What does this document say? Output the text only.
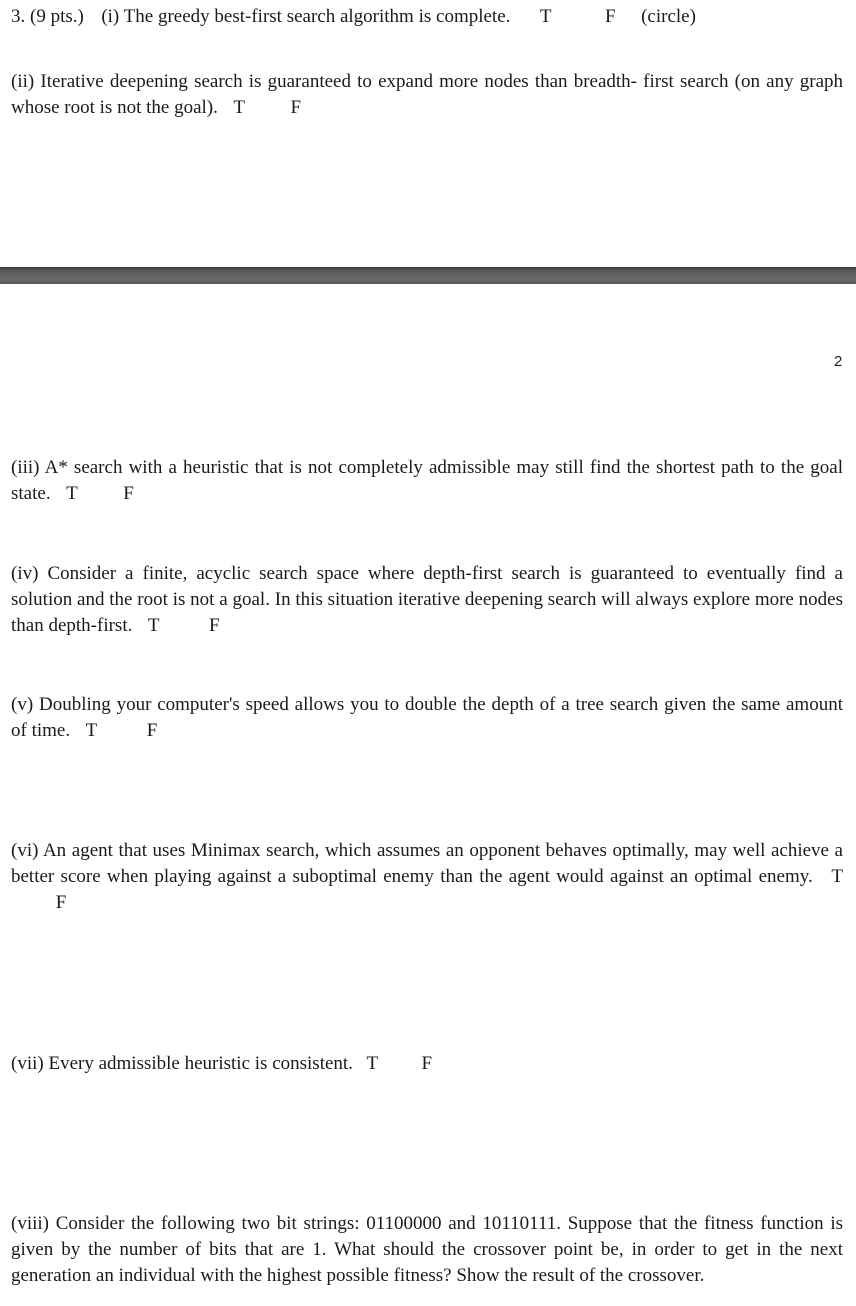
3. (9 pts.) (i) The greedy best-first search algorithm is complete. T	F (circle)
(ii) Iterative deepening search is guaranteed to expand more nodes than breadth- first search (on any graph whose root is not the goal). T F
2
(iii) A* search with a heuristic that is not completely admissible may still find the shortest path to the goal state. T F
(iv) Consider a finite, acyclic search space where depth-first search is guaranteed to eventually find a solution and the root is not a goal. In this situation iterative deepening search will always explore more nodes than depth-first. T	F
(v) Doubling your computer's speed allows you to double the depth of a tree search given the same amount of time. T	F
(vi) An agent that uses Minimax search, which assumes an opponent behaves optimally, may well achieve a better score when playing against a suboptimal enemy than the agent would against an optimal enemy. T  F
(vii) Every admissible heuristic is consistent. T F
(viii) Consider the following two bit strings: 01100000 and 10110111. Suppose that the fitness function is given by the number of bits that are 1. What should the crossover point be, in order to get in the next generation an individual with the highest possible fitness? Show the result of the crossover.
